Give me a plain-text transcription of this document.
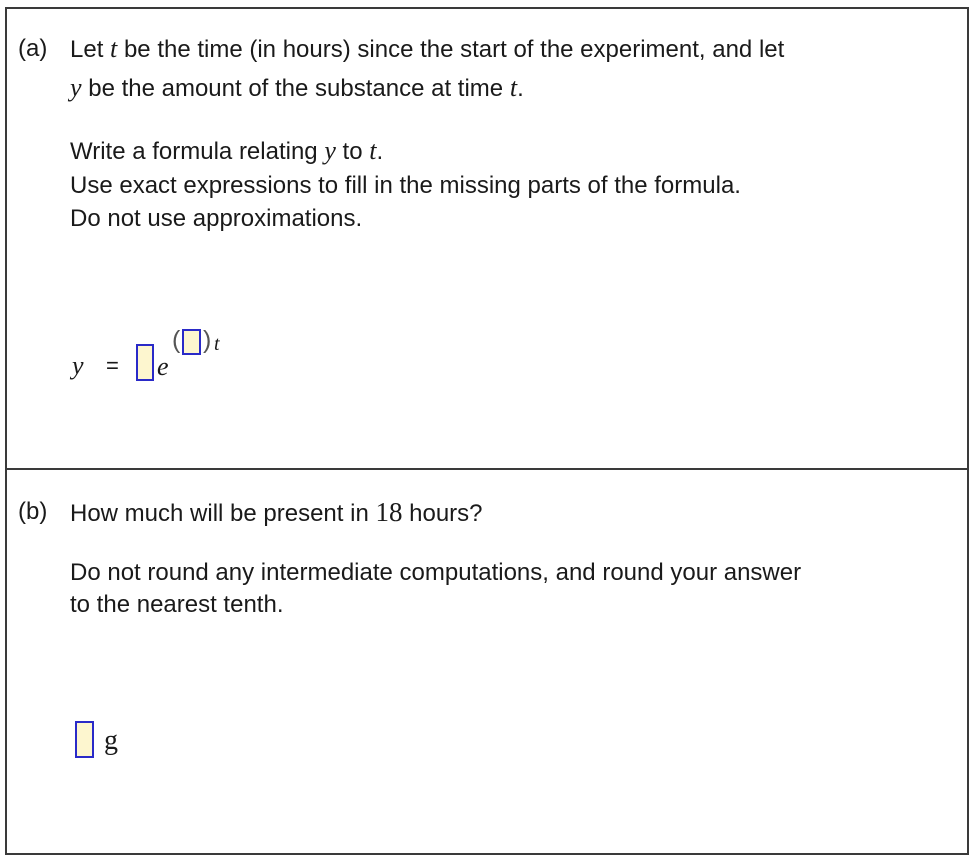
(a) Let t be the time (in hours) since the start of the experiment, and let
y be the amount of the substance at time t.
Write a formula relating y to t.
Use exact expressions to fill in the missing parts of the formula.
Do not use approximations.
y = e
( ) t
(b) How much will be present in 18 hours?
Do not round any intermediate computations, and round your answer
to the nearest tenth.
g
